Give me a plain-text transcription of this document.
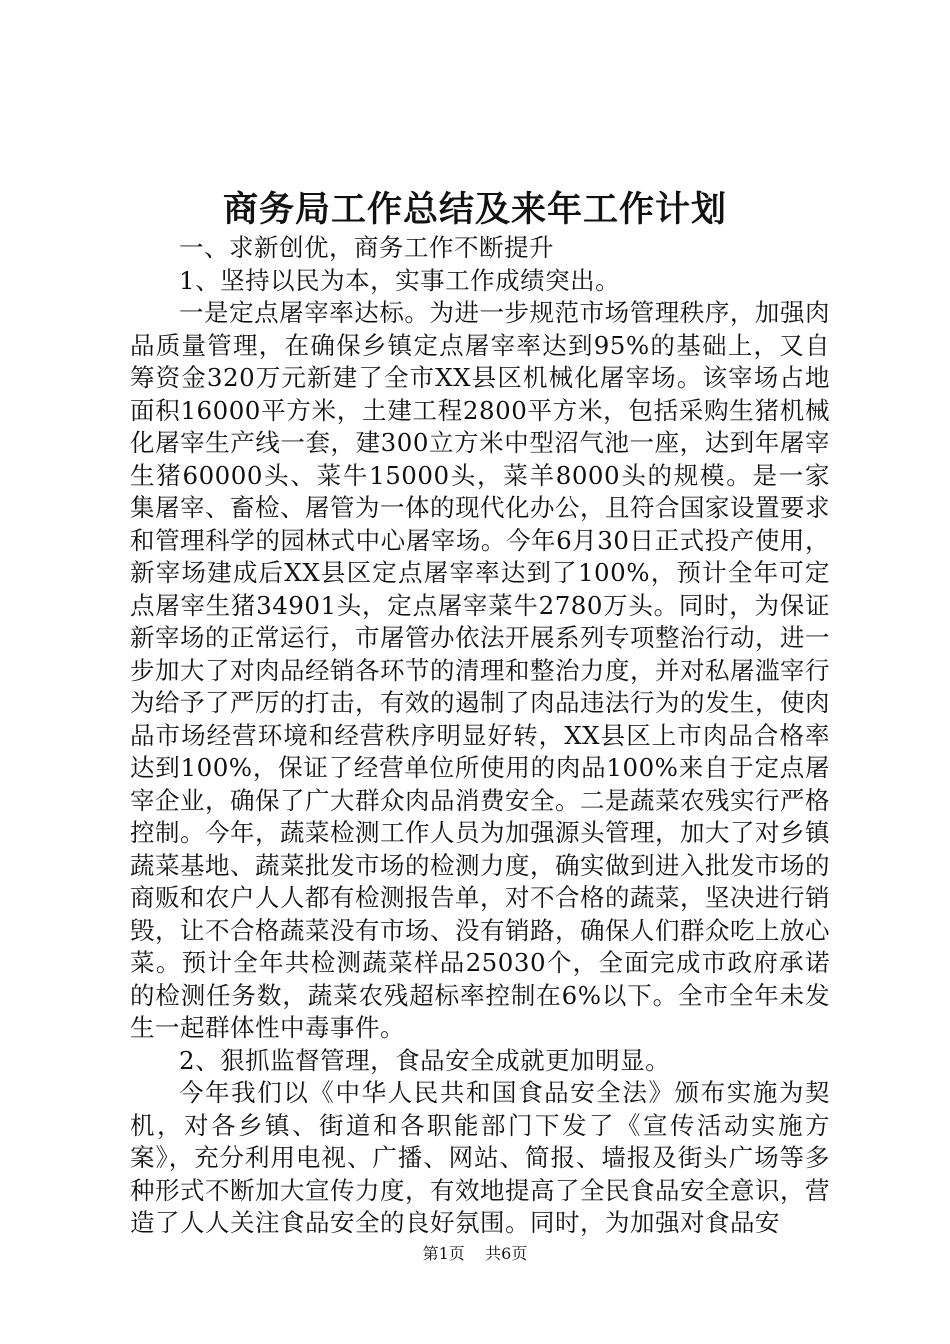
商务局工作总结及来年工作计划

一、求新创优，商务工作不断提升

1、坚持以民为本，实事工作成绩突出。

一是定点屠宰率达标。为进一步规范市场管理秩序，加强肉品质量管理，在确保乡镇定点屠宰率达到95%的基础上，又自筹资金320万元新建了全市XX县区机械化屠宰场。该宰场占地面积16000平方米，土建工程2800平方米，包括采购生猪机械化屠宰生产线一套，建300立方米中型沼气池一座，达到年屠宰生猪60000头、菜牛15000头，菜羊8000头的规模。是一家集屠宰、畜检、屠管为一体的现代化办公，且符合国家设置要求和管理科学的园林式中心屠宰场。今年6月30日正式投产使用，新宰场建成后XX县区定点屠宰率达到了100%，预计全年可定点屠宰生猪34901头，定点屠宰菜牛2780万头。同时，为保证新宰场的正常运行，市屠管办依法开展系列专项整治行动，进一步加大了对肉品经销各环节的清理和整治力度，并对私屠滥宰行为给予了严厉的打击，有效的遏制了肉品违法行为的发生，使肉品市场经营环境和经营秩序明显好转，XX县区上市肉品合格率达到100%，保证了经营单位所使用的肉品100%来自于定点屠宰企业，确保了广大群众肉品消费安全。二是蔬菜农残实行严格控制。今年，蔬菜检测工作人员为加强源头管理，加大了对乡镇蔬菜基地、蔬菜批发市场的检测力度，确实做到进入批发市场的商贩和农户人人都有检测报告单，对不合格的蔬菜，坚决进行销毁，让不合格蔬菜没有市场、没有销路，确保人们群众吃上放心菜。预计全年共检测蔬菜样品25030个，全面完成市政府承诺的检测任务数，蔬菜农残超标率控制在6%以下。全市全年未发生一起群体性中毒事件。

2、狠抓监督管理，食品安全成就更加明显。

今年我们以《中华人民共和国食品安全法》颁布实施为契机，对各乡镇、街道和各职能部门下发了《宣传活动实施方案》，充分利用电视、广播、网站、简报、墙报及街头广场等多种形式不断加大宣传力度，有效地提高了全民食品安全意识，营造了人人关注食品安全的良好氛围。同时，为加强对食品安

第1页 共6页
